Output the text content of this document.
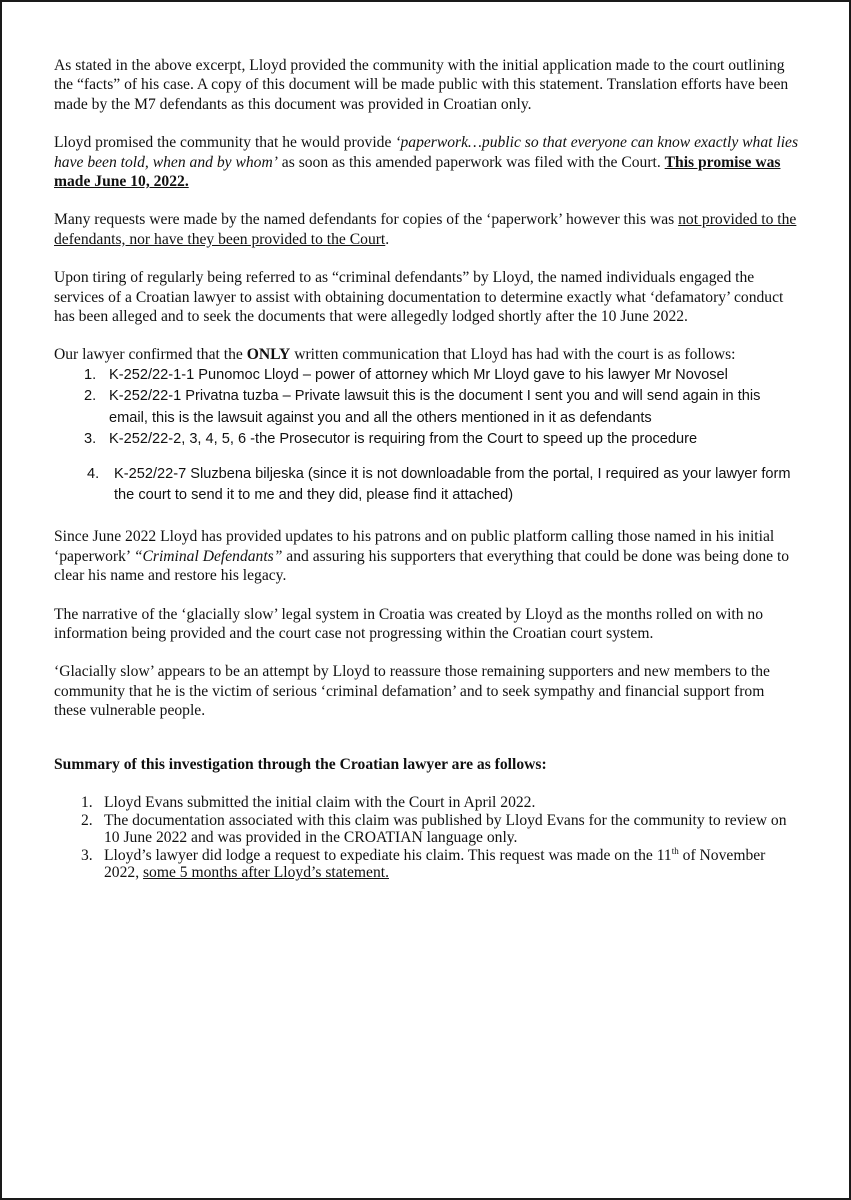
As stated in the above excerpt, Lloyd provided the community with the initial application made to the court outlining the “facts” of his case. A copy of this document will be made public with this statement. Translation efforts have been made by the M7 defendants as this document was provided in Croatian only.

Lloyd promised the community that he would provide ‘paperwork…public so that everyone can know exactly what lies have been told, when and by whom’ as soon as this amended paperwork was filed with the Court. This promise was made June 10, 2022.

Many requests were made by the named defendants for copies of the ‘paperwork’ however this was not provided to the defendants, nor have they been provided to the Court.

Upon tiring of regularly being referred to as “criminal defendants” by Lloyd, the named individuals engaged the services of a Croatian lawyer to assist with obtaining documentation to determine exactly what ‘defamatory’ conduct has been alleged and to seek the documents that were allegedly lodged shortly after the 10 June 2022.

Our lawyer confirmed that the ONLY written communication that Lloyd has had with the court is as follows:

1. K-252/22-1-1 Punomoc Lloyd – power of attorney which Mr Lloyd gave to his lawyer Mr Novosel
2. K-252/22-1 Privatna tuzba – Private lawsuit this is the document I sent you and will send again in this email, this is the lawsuit against you and all the others mentioned in it as defendants
3. K-252/22-2, 3, 4, 5, 6 -the Prosecutor is requiring from the Court to speed up the procedure
4. K-252/22-7 Sluzbena biljeska (since it is not downloadable from the portal, I required as your lawyer form the court to send it to me and they did, please find it attached)

Since June 2022 Lloyd has provided updates to his patrons and on public platform calling those named in his initial ‘paperwork’ “Criminal Defendants” and assuring his supporters that everything that could be done was being done to clear his name and restore his legacy.

The narrative of the ‘glacially slow’ legal system in Croatia was created by Lloyd as the months rolled on with no information being provided and the court case not progressing within the Croatian court system.

‘Glacially slow’ appears to be an attempt by Lloyd to reassure those remaining supporters and new members to the community that he is the victim of serious ‘criminal defamation’ and to seek sympathy and financial support from these vulnerable people.

Summary of this investigation through the Croatian lawyer are as follows:
1. Lloyd Evans submitted the initial claim with the Court in April 2022.
2. The documentation associated with this claim was published by Lloyd Evans for the community to review on 10 June 2022 and was provided in the CROATIAN language only.
3. Lloyd’s lawyer did lodge a request to expediate his claim. This request was made on the 11th of November 2022, some 5 months after Lloyd’s statement.
